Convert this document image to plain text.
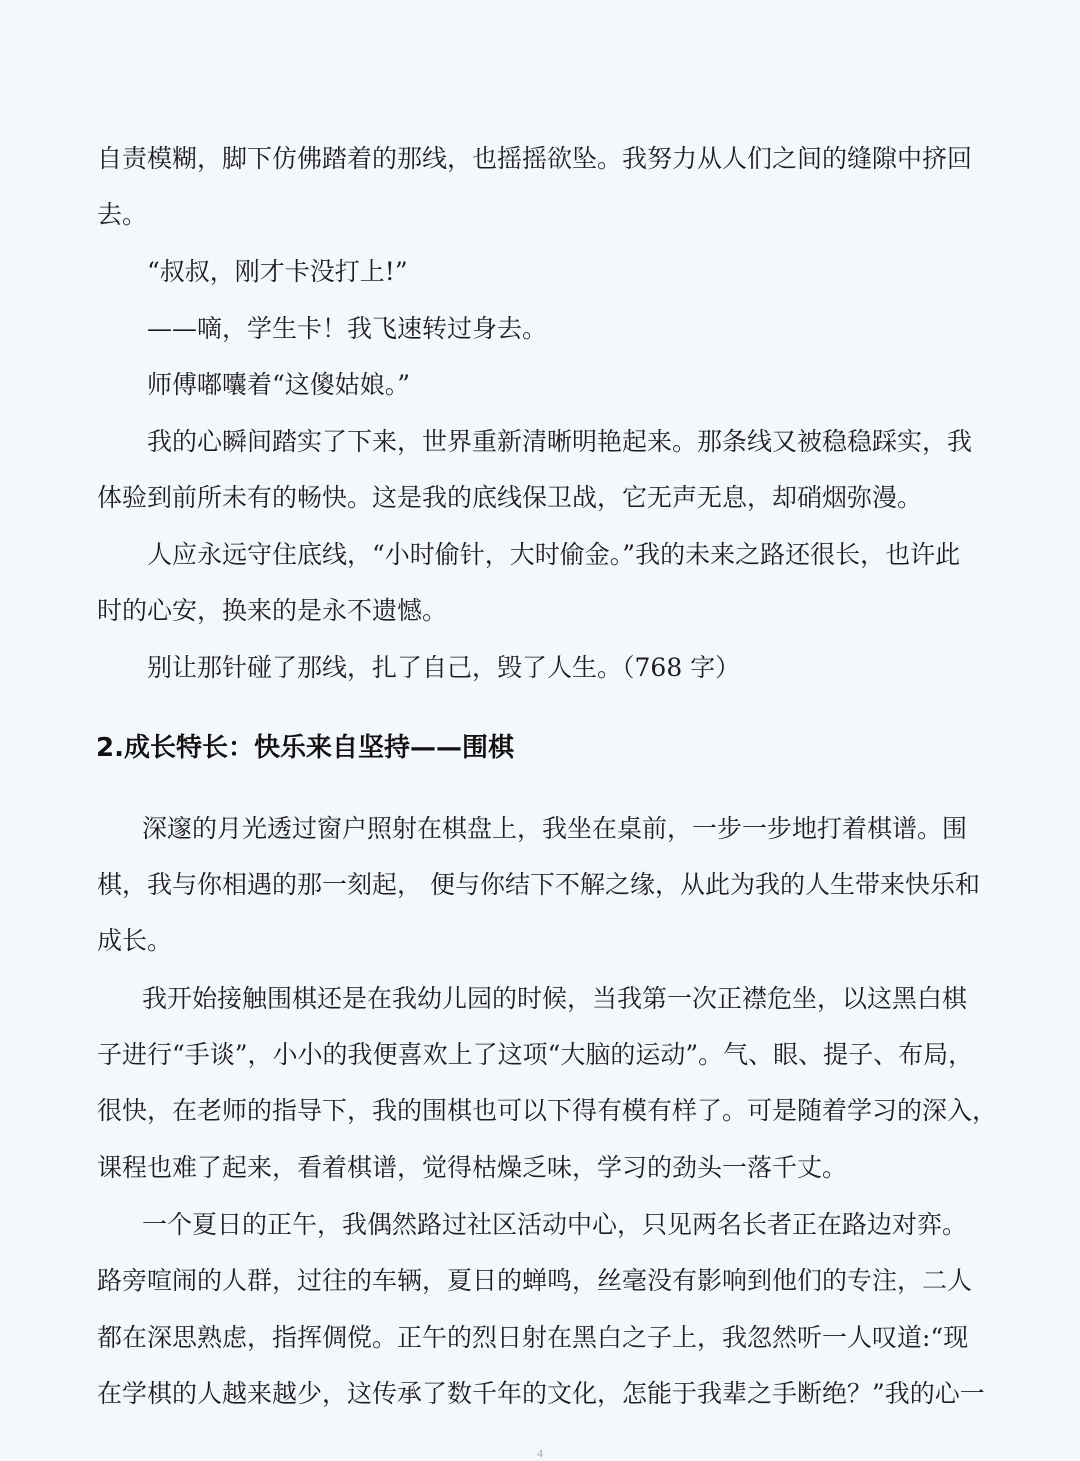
自责模糊，脚下仿佛踏着的那线，也摇摇欲坠。我努力从人们之间的缝隙中挤回
去。
“叔叔，刚才卡没打上!”
——嘀，学生卡！我飞速转过身去。
师傅嘟囔着“这傻姑娘。”
我的心瞬间踏实了下来，世界重新清晰明艳起来。那条线又被稳稳踩实，我
体验到前所未有的畅快。这是我的底线保卫战，它无声无息，却硝烟弥漫。
人应永远守住底线，“小时偷针，大时偷金。”我的未来之路还很长，也许此
时的心安，换来的是永不遗憾。
别让那针碰了那线，扎了自己，毁了人生。（768 字）
2.成长特长：快乐来自坚持——围棋
深邃的月光透过窗户照射在棋盘上，我坐在桌前，一步一步地打着棋谱。围
棋，我与你相遇的那一刻起， 便与你结下不解之缘，从此为我的人生带来快乐和
成长。
我开始接触围棋还是在我幼儿园的时候，当我第一次正襟危坐，以这黑白棋
子进行“手谈”，小小的我便喜欢上了这项“大脑的运动”。气、眼、提子、布局，
很快，在老师的指导下，我的围棋也可以下得有模有样了。可是随着学习的深入，
课程也难了起来，看着棋谱，觉得枯燥乏味，学习的劲头一落千丈。
一个夏日的正午，我偶然路过社区活动中心，只见两名长者正在路边对弈。
路旁喧闹的人群，过往的车辆，夏日的蝉鸣，丝毫没有影响到他们的专注，二人
都在深思熟虑，指挥倜傥。正午的烈日射在黑白之子上，我忽然听一人叹道:“现
在学棋的人越来越少，这传承了数千年的文化，怎能于我辈之手断绝？”我的心一
4
